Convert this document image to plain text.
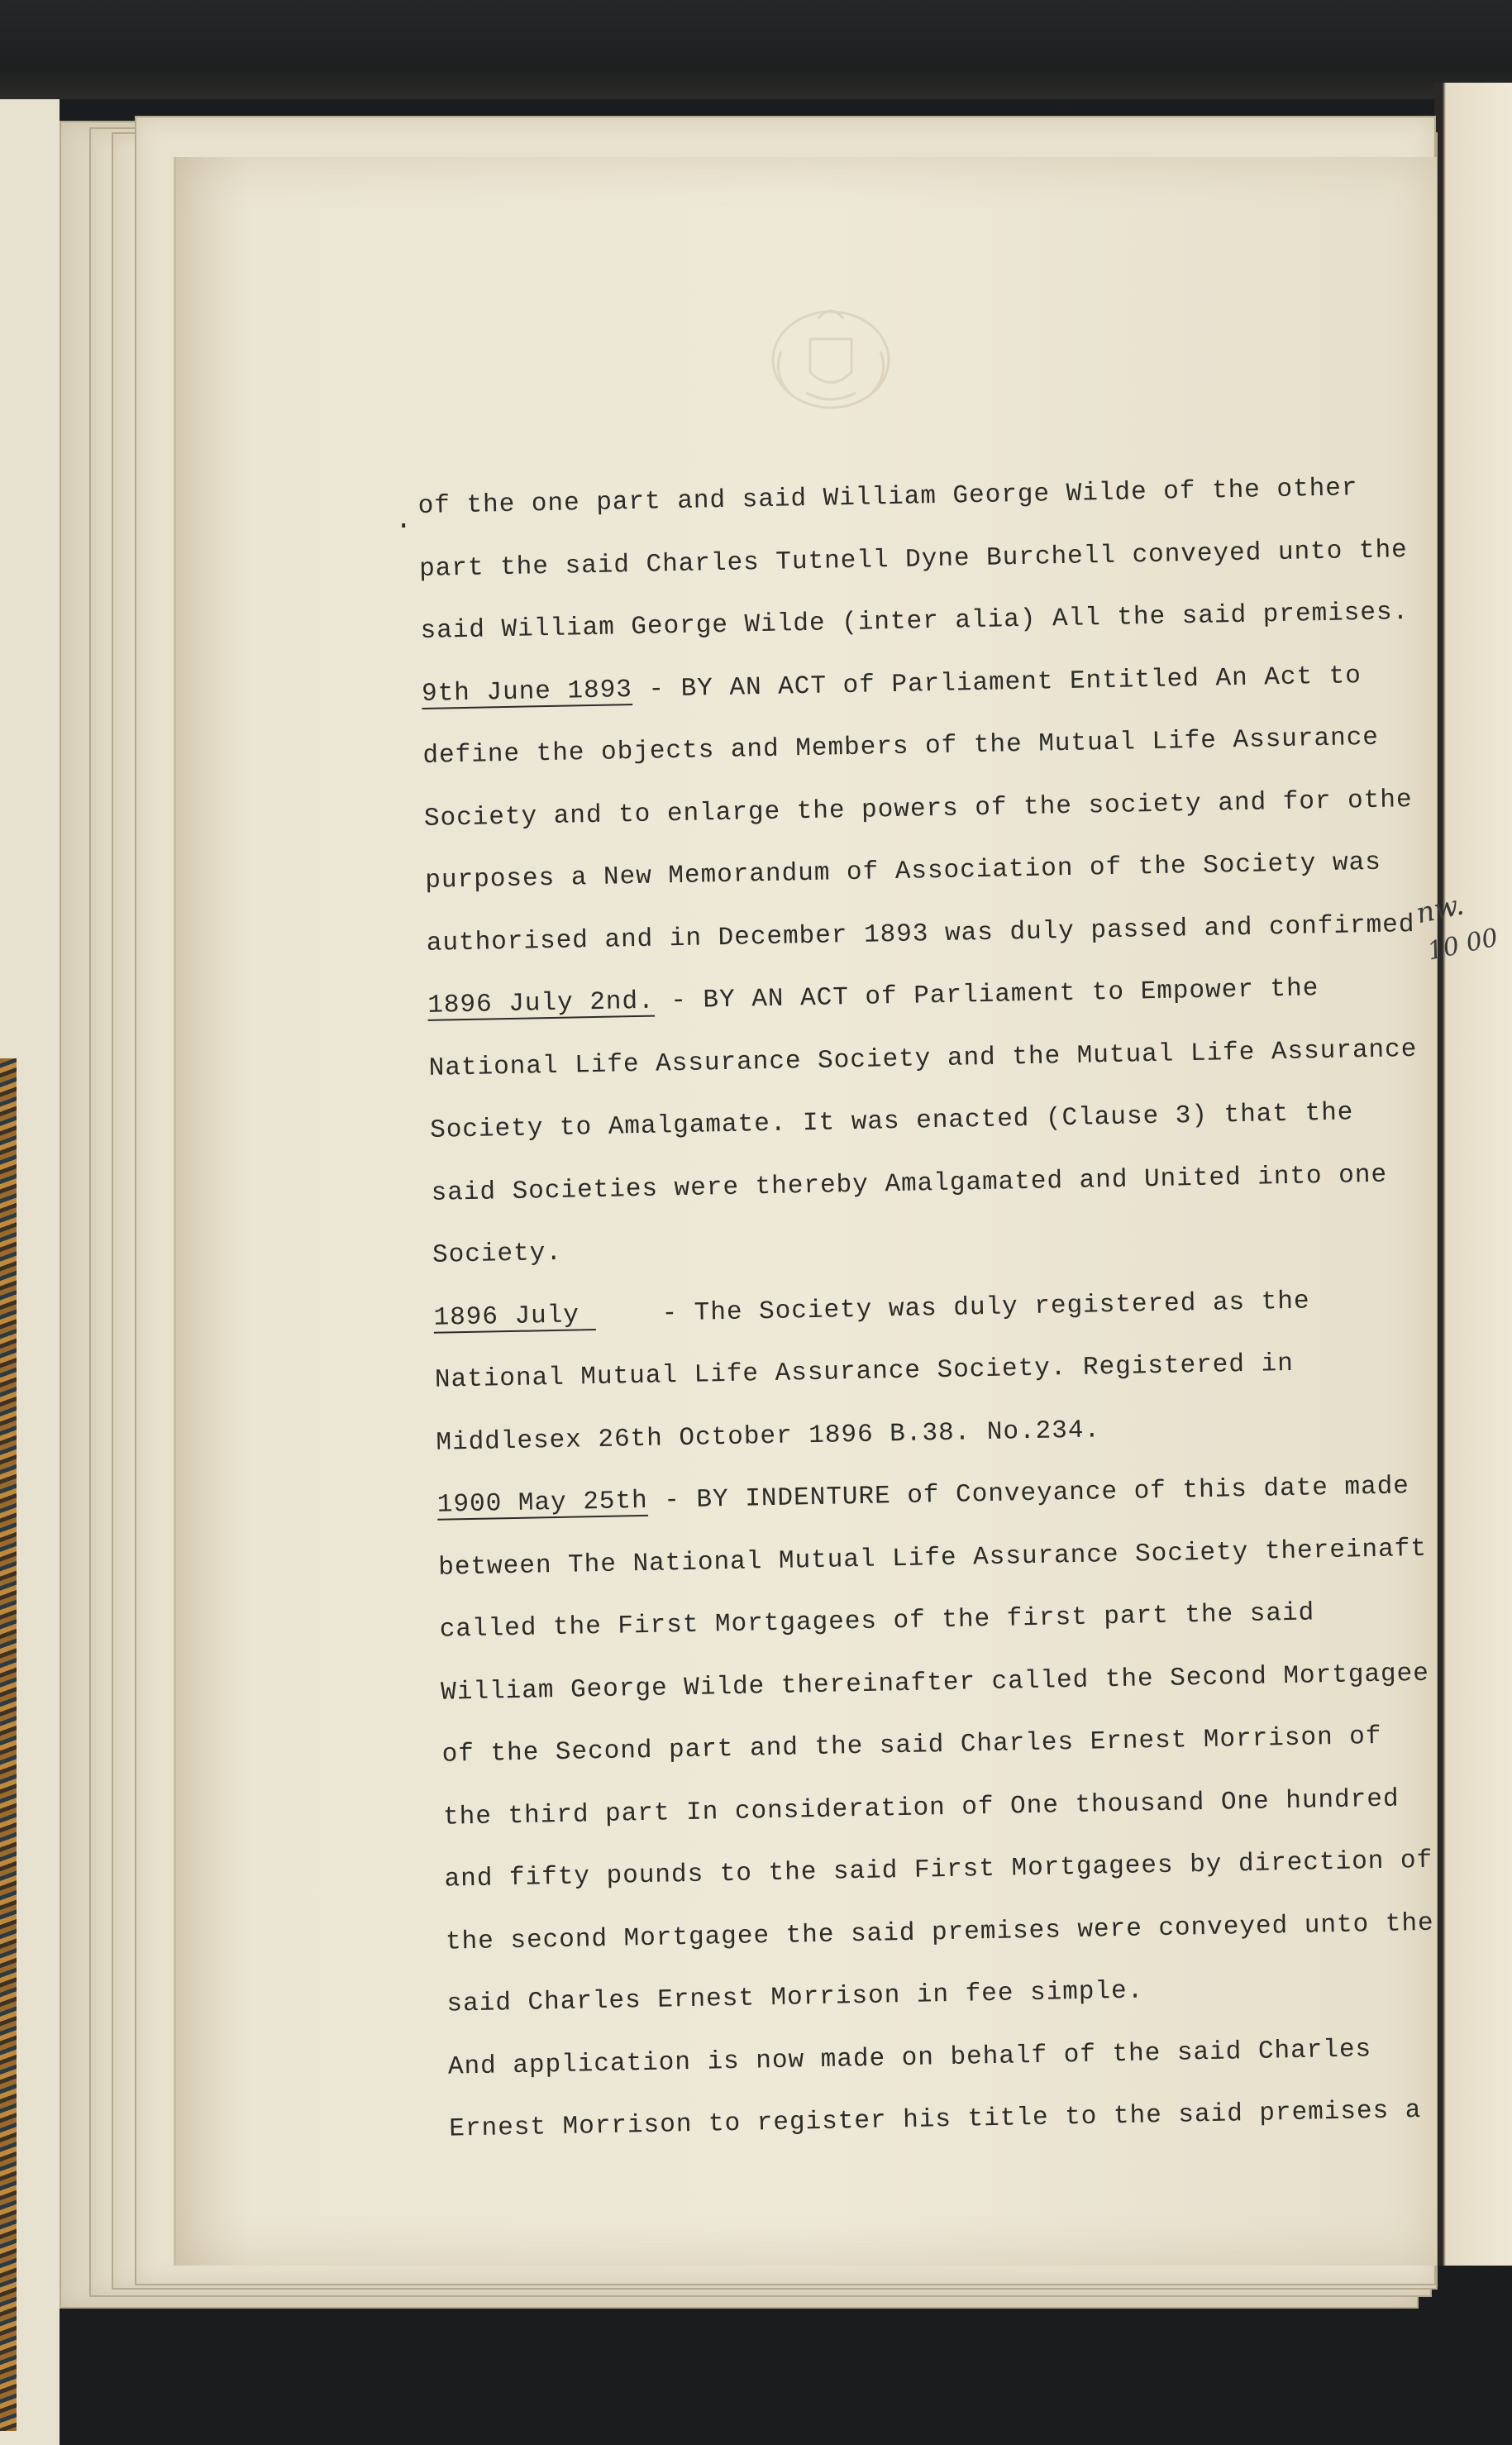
.
of the one part and said William George Wilde of the other
part the said Charles Tutnell Dyne Burchell conveyed unto the
said William George Wilde (inter alia) All the said premises.
9th June 1893 - BY AN ACT of Parliament Entitled An Act to
define the objects and Members of the Mutual Life Assurance
Society and to enlarge the powers of the society and for othe
purposes a New Memorandum of Association of the Society was
authorised and in December 1893 was duly passed and confirmed
1896 July 2nd. - BY AN ACT of Parliament to Empower the
National Life Assurance Society and the Mutual Life Assurance
Society to Amalgamate. It was enacted (Clause 3) that the
said Societies were thereby Amalgamated and United into one
Society.
1896 July	- The Society was duly registered as the
National Mutual Life Assurance Society. Registered in
Middlesex 26th October 1896 B.38. No.234.
1900 May 25th - BY INDENTURE of Conveyance of this date made
between The National Mutual Life Assurance Society thereinaft
called the First Mortgagees of the first part the said
William George Wilde thereinafter called the Second Mortgagee
of the Second part and the said Charles Ernest Morrison of
the third part In consideration of One thousand One hundred
and fifty pounds to the said First Mortgagees by direction of
the second Mortgagee the said premises were conveyed unto the
said Charles Ernest Morrison in fee simple.
And application is now made on behalf of the said Charles
Ernest Morrison to register his title to the said premises a
nw.
10 00
